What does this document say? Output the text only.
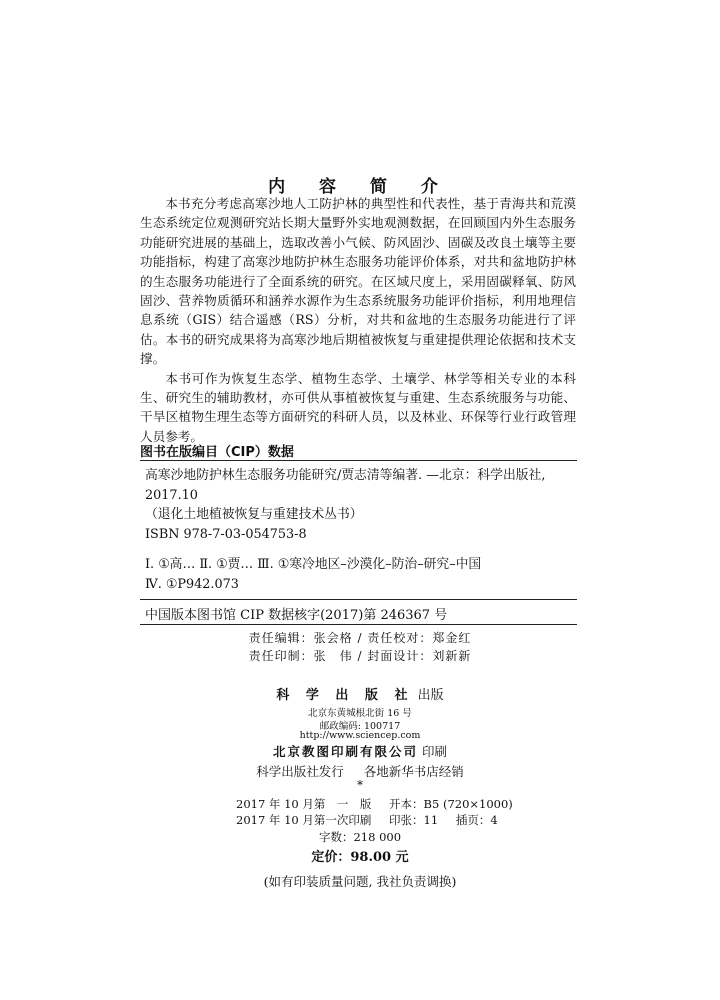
内 容 简 介

本书充分考虑高寒沙地人工防护林的典型性和代表性，基于青海共和荒漠生态系统定位观测研究站长期大量野外实地观测数据，在回顾国内外生态服务功能研究进展的基础上，选取改善小气候、防风固沙、固碳及改良土壤等主要功能指标，构建了高寒沙地防护林生态服务功能评价体系，对共和盆地防护林的生态服务功能进行了全面系统的研究。在区域尺度上，采用固碳释氧、防风固沙、营养物质循环和涵养水源作为生态系统服务功能评价指标，利用地理信息系统（GIS）结合遥感（RS）分析，对共和盆地的生态服务功能进行了评估。本书的研究成果将为高寒沙地后期植被恢复与重建提供理论依据和技术支撑。

本书可作为恢复生态学、植物生态学、土壤学、林学等相关专业的本科生、研究生的辅助教材，亦可供从事植被恢复与重建、生态系统服务与功能、干旱区植物生理生态等方面研究的科研人员，以及林业、环保等行业行政管理人员参考。

图书在版编目（CIP）数据
高寒沙地防护林生态服务功能研究/贾志清等编著. —北京：科学出版社,
2017.10
（退化土地植被恢复与重建技术丛书）
ISBN 978-7-03-054753-8
Ⅰ. ①高… Ⅱ. ①贾… Ⅲ. ①寒冷地区–沙漠化–防治–研究–中国
Ⅳ. ①P942.073
中国版本图书馆 CIP 数据核字(2017)第 246367 号
责任编辑：张会格 / 责任校对：郑金红
责任印制：张　伟 / 封面设计：刘新新
科 学 出 版 社 出版
北京东黄城根北街 16 号
邮政编码: 100717
http://www.sciencep.com
北京教图印刷有限公司 印刷
科学出版社发行 各地新华书店经销
*
2017 年 10 月第　一　版 开本：B5 (720×1000)
2017 年 10 月第一次印刷 印张：11 插页：4
字数：218 000
定价：98.00 元
(如有印装质量问题, 我社负责调换)
